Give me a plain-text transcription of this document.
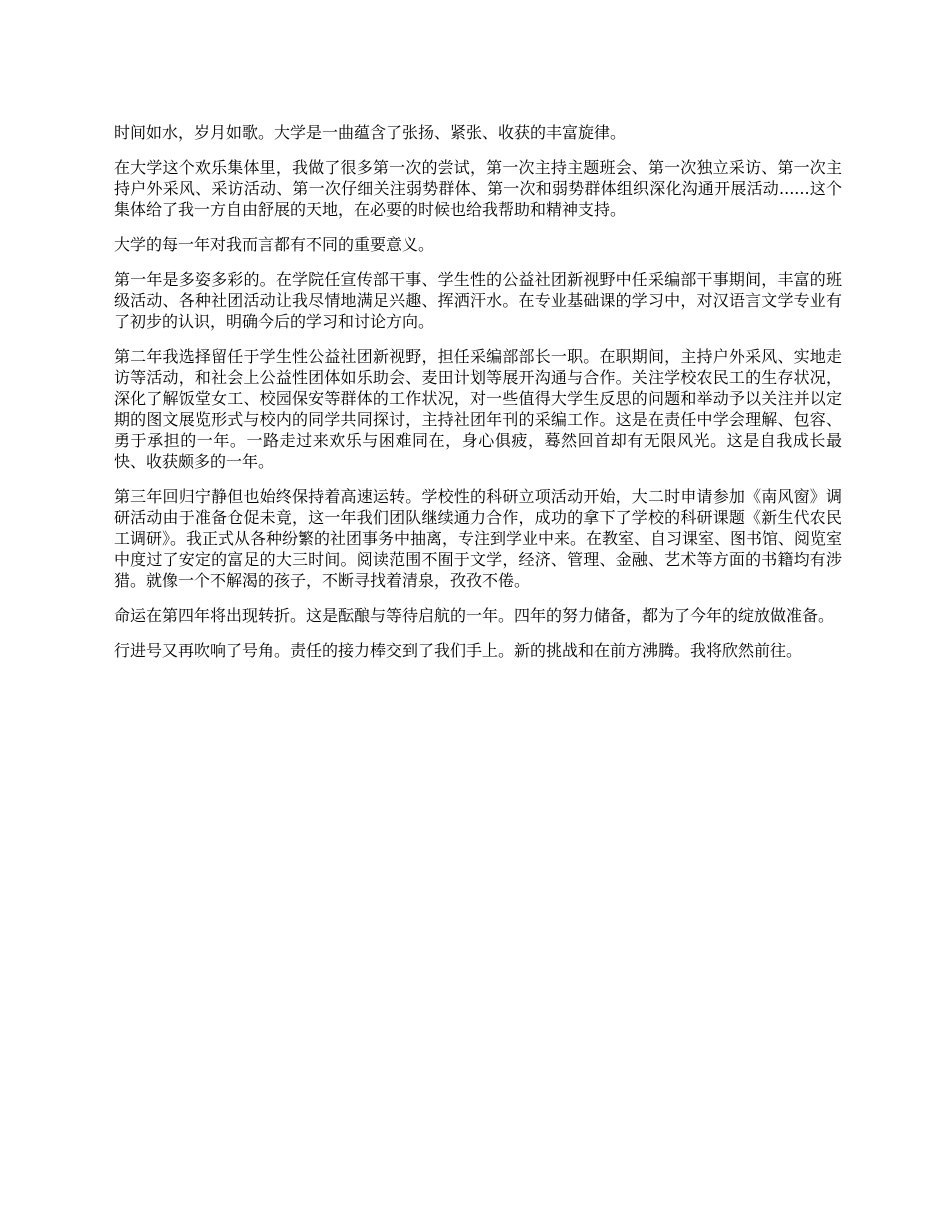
时间如水，岁月如歌。大学是一曲蕴含了张扬、紧张、收获的丰富旋律。

在大学这个欢乐集体里，我做了很多第一次的尝试，第一次主持主题班会、第一次独立采访、第一次主持户外采风、采访活动、第一次仔细关注弱势群体、第一次和弱势群体组织深化沟通开展活动......这个集体给了我一方自由舒展的天地，在必要的时候也给我帮助和精神支持。

大学的每一年对我而言都有不同的重要意义。

第一年是多姿多彩的。在学院任宣传部干事、学生性的公益社团新视野中任采编部干事期间，丰富的班级活动、各种社团活动让我尽情地满足兴趣、挥洒汗水。在专业基础课的学习中，对汉语言文学专业有了初步的认识，明确今后的学习和讨论方向。

第二年我选择留任于学生性公益社团新视野，担任采编部部长一职。在职期间，主持户外采风、实地走访等活动，和社会上公益性团体如乐助会、麦田计划等展开沟通与合作。关注学校农民工的生存状况，深化了解饭堂女工、校园保安等群体的工作状况，对一些值得大学生反思的问题和举动予以关注并以定期的图文展览形式与校内的同学共同探讨，主持社团年刊的采编工作。这是在责任中学会理解、包容、勇于承担的一年。一路走过来欢乐与困难同在，身心俱疲，蓦然回首却有无限风光。这是自我成长最快、收获颇多的一年。

第三年回归宁静但也始终保持着高速运转。学校性的科研立项活动开始，大二时申请参加《南风窗》调研活动由于准备仓促未竟，这一年我们团队继续通力合作，成功的拿下了学校的科研课题《新生代农民工调研》。我正式从各种纷繁的社团事务中抽离，专注到学业中来。在教室、自习课室、图书馆、阅览室中度过了安定的富足的大三时间。阅读范围不囿于文学，经济、管理、金融、艺术等方面的书籍均有涉猎。就像一个不解渴的孩子，不断寻找着清泉，孜孜不倦。

命运在第四年将出现转折。这是酝酿与等待启航的一年。四年的努力储备，都为了今年的绽放做准备。

行进号又再吹响了号角。责任的接力棒交到了我们手上。新的挑战和在前方沸腾。我将欣然前往。
